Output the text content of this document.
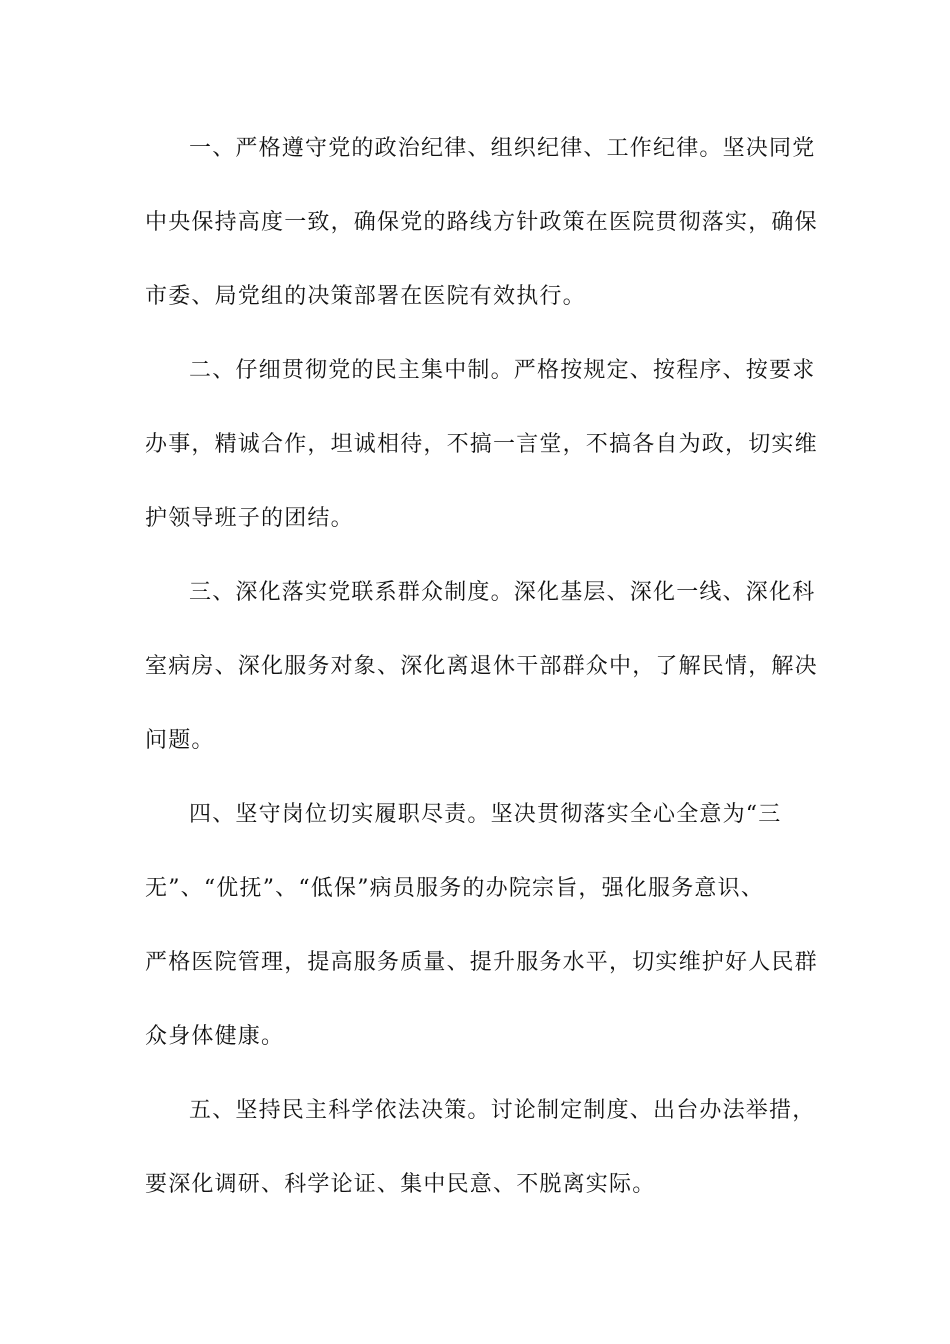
一、严格遵守党的政治纪律、组织纪律、工作纪律。坚决同党
中央保持高度一致，确保党的路线方针政策在医院贯彻落实，确保
市委、局党组的决策部署在医院有效执行。
二、仔细贯彻党的民主集中制。严格按规定、按程序、按要求
办事，精诚合作，坦诚相待，不搞一言堂，不搞各自为政，切实维
护领导班子的团结。
三、深化落实党联系群众制度。深化基层、深化一线、深化科
室病房、深化服务对象、深化离退休干部群众中，了解民情，解决
问题。
四、坚守岗位切实履职尽责。坚决贯彻落实全心全意为“三
无”、“优抚”、“低保”病员服务的办院宗旨，强化服务意识、
严格医院管理，提高服务质量、提升服务水平，切实维护好人民群
众身体健康。
五、坚持民主科学依法决策。讨论制定制度、出台办法举措，
要深化调研、科学论证、集中民意、不脱离实际。
